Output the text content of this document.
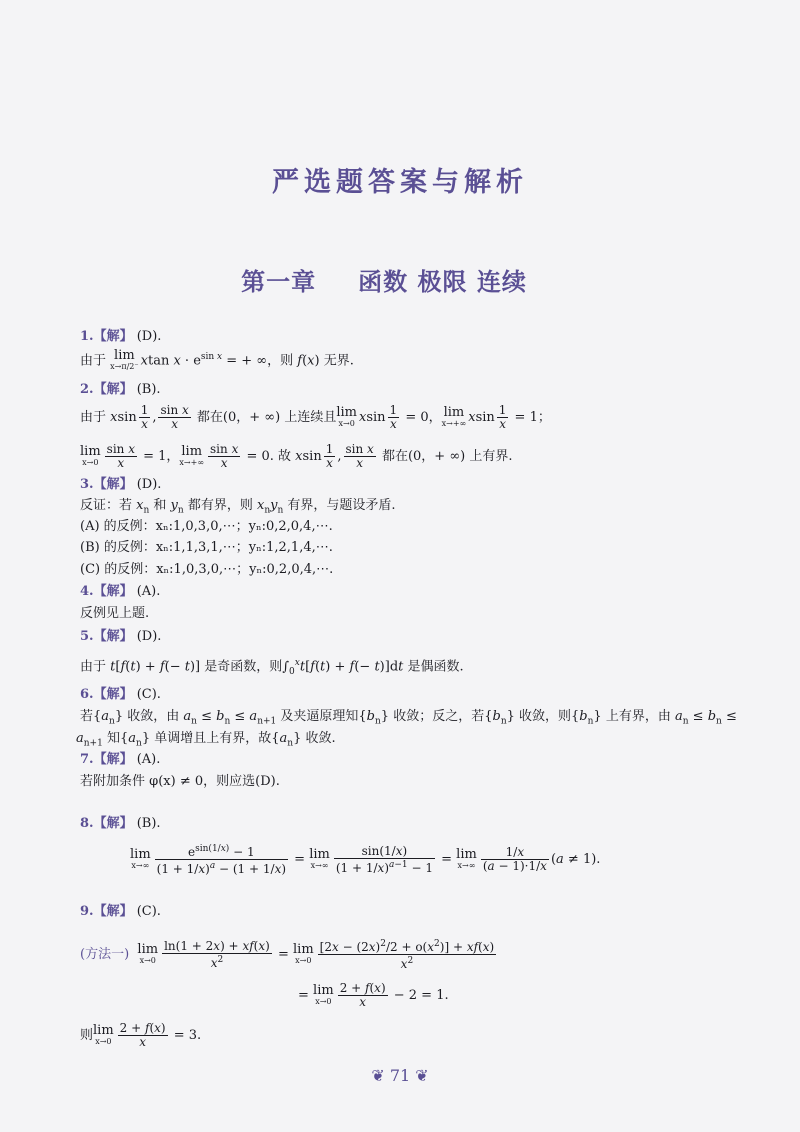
严选题答案与解析
第一章 函数 极限 连续
1.【解】 (D).
由于 lim
x→π/2⁻ xtan $x \cdot e^{sin x}$ = + ∞，则 f(x) 无界.
2.【解】 (B).
由于 xsin $\frac{1}{x}$ , $\frac{\text{sin x}}{x}$ 都在(0，+ ∞) 上连续且lim
x→0 xsin $\frac{1}{x} = 0$， lim
x→+∞ xsin $\frac{1}{x} = 1$；
lim
$x\to 0 \frac{\text{sin x}}{x} = 1$， lim
$x\to+\infty \frac{\text{sin x}}{x} = 0$. 故 xsin $\frac{1}{x}$ , $\frac{\text{sin x}}{x}$ 都在(0，+ ∞) 上有界.
3.【解】 (D).
反证：若 $x_n$ 和 $y_n$ 都有界，则 $x_ny_n$ 有界，与题设矛盾.
(A) 的反例：xₙ:1,0,3,0,⋯；yₙ:0,2,0,4,⋯.
(B) 的反例：xₙ:1,1,3,1,⋯；yₙ:1,2,1,4,⋯.
(C) 的反例：xₙ:1,0,3,0,⋯；yₙ:0,2,0,4,⋯.
4.【解】 (A).
反例见上题.
5.【解】 (D).
由于 t[f(t) + f(− t)] 是奇函数，则$\int_0^xt[f(t) + f(- t)]dt$ 是偶函数.
6.【解】 (C).
若$\{a_n\}$ 收敛，由 $a_n \le b_n \le a_{n+1}$ 及夹逼原理知$\{b_n\}$ 收敛；反之，若$\{b_n\}$ 收敛，则$\{b_n\}$ 上有界，由 $a_n \le b_n$ ≤
$a_{n+1}$ 知$\{a_n\}$ 单调增且上有界，故$\{a_n\}$ 收敛.
7.【解】 (A).
若附加条件 φ(x) ≠ 0，则应选(D).
8.【解】 (B).
lim
$x\to\infty \frac{e^{sin(1/x)} - 1}{(1 + 1/x)^a - (1 + 1/x)} = \lim$
$x\to\infty \frac{\sin(1/x)}{(1 + 1/x)^{a-1} - 1} = \lim$
$x\to\infty \frac{1/x}{(a - 1)\cdot 1/x} (a \ne 1)$.
9.【解】 (C).
(方法一) lim
$x\to 0 \frac{\ln(1 + 2x) + xf(x)}{x^2} = \lim$
$x\to 0 \frac{[2x - (2x)^2/2 + o(x^2)] + xf(x)}{x^2}$
= lim
$x\to 0 \frac{2 + f(x)}{x} - 2 = 1$.
则lim
$x\to 0 \frac{2 + f(x)}{x} = 3$.
❦ 71 ❦
